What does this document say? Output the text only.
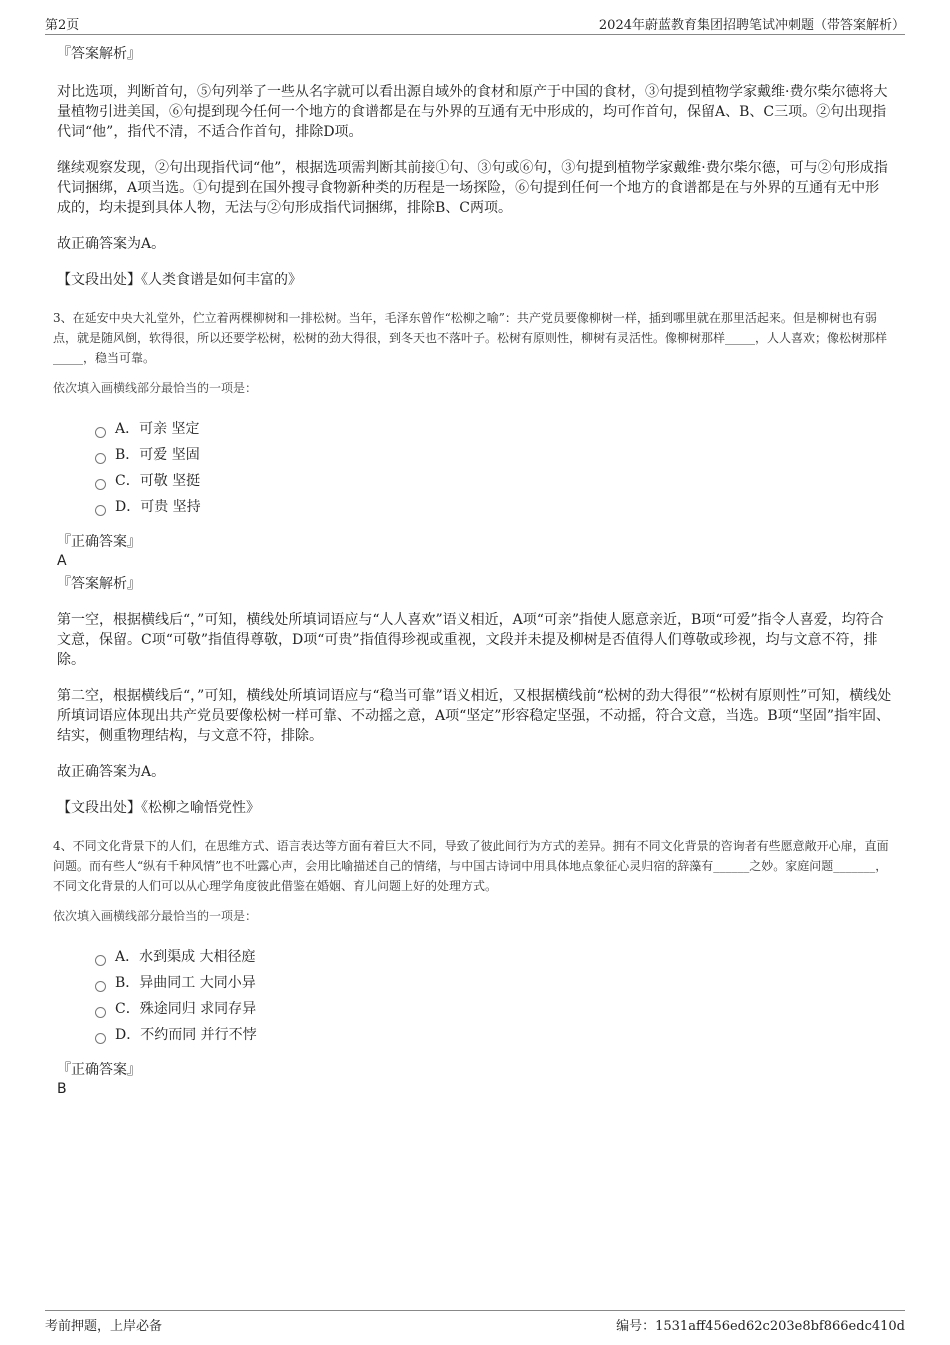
第2页	2024年蔚蓝教育集团招聘笔试冲刺题（带答案解析）

『答案解析』

对比选项，判断首句，⑤句列举了一些从名字就可以看出源自域外的食材和原产于中国的食材，③句提到植物学家戴维·费尔柴尔德将大量植物引进美国，⑥句提到现今任何一个地方的食谱都是在与外界的互通有无中形成的，均可作首句，保留A、B、C三项。②句出现指代词“他”，指代不清，不适合作首句，排除D项。

继续观察发现，②句出现指代词“他”，根据选项需判断其前接①句、③句或⑥句，③句提到植物学家戴维·费尔柴尔德，可与②句形成指代词捆绑，A项当选。①句提到在国外搜寻食物新种类的历程是一场探险，⑥句提到任何一个地方的食谱都是在与外界的互通有无中形成的，均未提到具体人物，无法与②句形成指代词捆绑，排除B、C两项。

故正确答案为A。

【文段出处】《人类食谱是如何丰富的》

3、在延安中央大礼堂外，伫立着两棵柳树和一排松树。当年，毛泽东曾作“松柳之喻”：共产党员要像柳树一样，插到哪里就在那里活起来。但是柳树也有弱点，就是随风倒，软得很，所以还要学松树，松树的劲大得很，到冬天也不落叶子。松树有原则性，柳树有灵活性。像柳树那样_____，人人喜欢；像松树那样_____，稳当可靠。

依次填入画横线部分最恰当的一项是：

A．可亲 坚定
B．可爱 坚固
C．可敬 坚挺
D．可贵 坚持

『正确答案』

A

『答案解析』

第一空，根据横线后“，”可知，横线处所填词语应与“人人喜欢”语义相近，A项“可亲”指使人愿意亲近，B项“可爱”指令人喜爱，均符合文意，保留。C项“可敬”指值得尊敬，D项“可贵”指值得珍视或重视，文段并未提及柳树是否值得人们尊敬或珍视，均与文意不符，排除。

第二空，根据横线后“，”可知，横线处所填词语应与“稳当可靠”语义相近，又根据横线前“松树的劲大得很”“松树有原则性”可知，横线处所填词语应体现出共产党员要像松树一样可靠、不动摇之意，A项“坚定”形容稳定坚强，不动摇，符合文意，当选。B项“坚固”指牢固、结实，侧重物理结构，与文意不符，排除。

故正确答案为A。

【文段出处】《松柳之喻悟党性》

4、不同文化背景下的人们，在思维方式、语言表达等方面有着巨大不同，导致了彼此间行为方式的差异。拥有不同文化背景的咨询者有些愿意敞开心扉，直面问题。而有些人“纵有千种风情”也不吐露心声，会用比喻描述自己的情绪，与中国古诗词中用具体地点象征心灵归宿的辞藻有______之妙。家庭问题_______，不同文化背景的人们可以从心理学角度彼此借鉴在婚姻、育儿问题上好的处理方式。

依次填入画横线部分最恰当的一项是：

A．水到渠成 大相径庭
B．异曲同工 大同小异
C．殊途同归 求同存异
D．不约而同 并行不悖

『正确答案』

B

考前押题，上岸必备	编号：1531aff456ed62c203e8bf866edc410d
